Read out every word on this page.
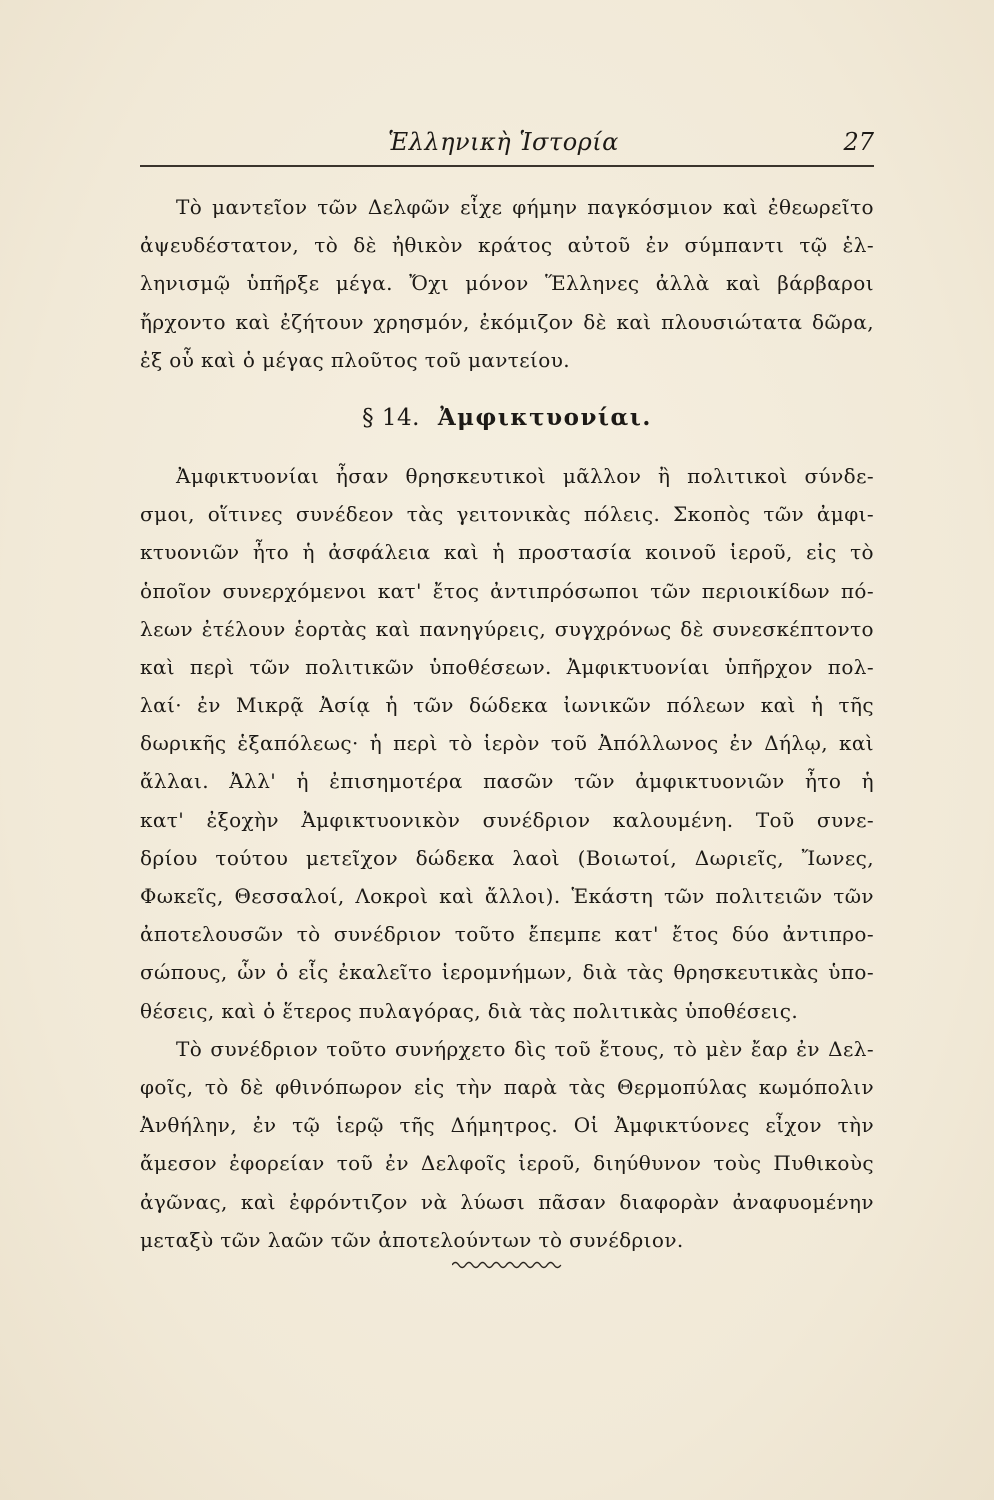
Ἑλληνικὴ Ἱστορία	27
Τὸ μαντεῖον τῶν Δελφῶν εἶχε φήμην παγκόσμιον καὶ ἐθεωρεῖτο
ἀψευδέστατον, τὸ δὲ ἠθικὸν κράτος αὐτοῦ ἐν σύμπαντι τῷ ἑλ-
ληνισμῷ ὑπῆρξε μέγα. Ὄχι μόνον Ἕλληνες ἀλλὰ καὶ βάρβαροι
ἤρχοντο καὶ ἐζήτουν χρησμόν, ἐκόμιζον δὲ καὶ πλουσιώτατα δῶρα,
ἐξ οὗ καὶ ὁ μέγας πλοῦτος τοῦ μαντείου.
§ 14. Ἀμφικτυονίαι.
Ἀμφικτυονίαι ἦσαν θρησκευτικοὶ μᾶλλον ἢ πολιτικοὶ σύνδε-
σμοι, οἵτινες συνέδεον τὰς γειτονικὰς πόλεις. Σκοπὸς τῶν ἀμφι-
κτυονιῶν ἦτο ἡ ἀσφάλεια καὶ ἡ προστασία κοινοῦ ἱεροῦ, εἰς τὸ
ὁποῖον συνερχόμενοι κατ' ἔτος ἀντιπρόσωποι τῶν περιοικίδων πό-
λεων ἐτέλουν ἑορτὰς καὶ πανηγύρεις, συγχρόνως δὲ συνεσκέπτοντο
καὶ περὶ τῶν πολιτικῶν ὑποθέσεων. Ἀμφικτυονίαι ὑπῆρχον πολ-
λαί· ἐν Μικρᾷ Ἀσίᾳ ἡ τῶν δώδεκα ἰωνικῶν πόλεων καὶ ἡ τῆς
δωρικῆς ἑξαπόλεως· ἡ περὶ τὸ ἱερὸν τοῦ Ἀπόλλωνος ἐν Δήλῳ, καὶ
ἄλλαι. Ἀλλ' ἡ ἐπισημοτέρα πασῶν τῶν ἀμφικτυονιῶν ἦτο ἡ
κατ' ἐξοχὴν Ἀμφικτυονικὸν συνέδριον καλουμένη. Τοῦ συνε-
δρίου τούτου μετεῖχον δώδεκα λαοὶ (Βοιωτοί, Δωριεῖς, Ἴωνες,
Φωκεῖς, Θεσσαλοί, Λοκροὶ καὶ ἄλλοι). Ἑκάστη τῶν πολιτειῶν τῶν
ἀποτελουσῶν τὸ συνέδριον τοῦτο ἔπεμπε κατ' ἔτος δύο ἀντιπρο-
σώπους, ὧν ὁ εἷς ἐκαλεῖτο ἱερομνήμων, διὰ τὰς θρησκευτικὰς ὑπο-
θέσεις, καὶ ὁ ἕτερος πυλαγόρας, διὰ τὰς πολιτικὰς ὑποθέσεις.
Τὸ συνέδριον τοῦτο συνήρχετο δὶς τοῦ ἔτους, τὸ μὲν ἔαρ ἐν Δελ-
φοῖς, τὸ δὲ φθινόπωρον εἰς τὴν παρὰ τὰς Θερμοπύλας κωμόπολιν
Ἀνθήλην, ἐν τῷ ἱερῷ τῆς Δήμητρος. Οἱ Ἀμφικτύονες εἶχον τὴν
ἄμεσον ἐφορείαν τοῦ ἐν Δελφοῖς ἱεροῦ, διηύθυνον τοὺς Πυθικοὺς
ἀγῶνας, καὶ ἐφρόντιζον νὰ λύωσι πᾶσαν διαφορὰν ἀναφυομένην
μεταξὺ τῶν λαῶν τῶν ἀποτελούντων τὸ συνέδριον.
